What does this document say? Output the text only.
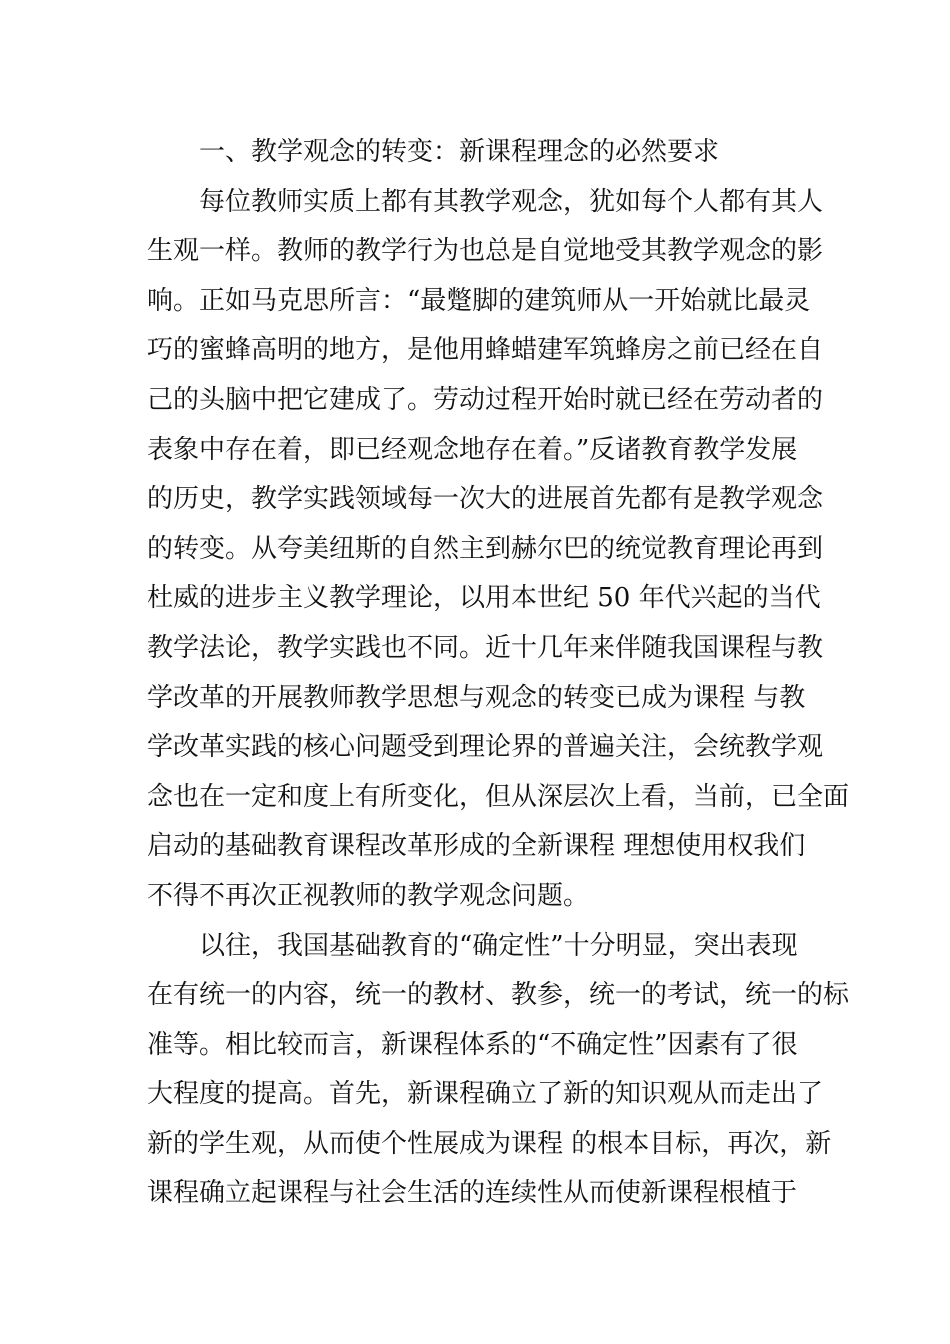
一、教学观念的转变：新课程理念的必然要求
每位教师实质上都有其教学观念，犹如每个人都有其人
生观一样。教师的教学行为也总是自觉地受其教学观念的影
响。正如马克思所言：“最蹩脚的建筑师从一开始就比最灵
巧的蜜蜂高明的地方，是他用蜂蜡建军筑蜂房之前已经在自
己的头脑中把它建成了。劳动过程开始时就已经在劳动者的
表象中存在着，即已经观念地存在着。”反诸教育教学发展
的历史，教学实践领域每一次大的进展首先都有是教学观念
的转变。从夸美纽斯的自然主到赫尔巴的统觉教育理论再到
杜威的进步主义教学理论，以用本世纪 50 年代兴起的当代
教学法论，教学实践也不同。近十几年来伴随我国课程与教
学改革的开展教师教学思想与观念的转变已成为课程 与教
学改革实践的核心问题受到理论界的普遍关注，会统教学观
念也在一定和度上有所变化，但从深层次上看，当前，已全面
启动的基础教育课程改革形成的全新课程 理想使用权我们
不得不再次正视教师的教学观念问题。
以往，我国基础教育的“确定性”十分明显，突出表现
在有统一的内容，统一的教材、教参，统一的考试，统一的标
准等。相比较而言，新课程体系的“不确定性”因素有了很
大程度的提高。首先，新课程确立了新的知识观从而走出了
新的学生观，从而使个性展成为课程 的根本目标，再次，新
课程确立起课程与社会生活的连续性从而使新课程根植于
